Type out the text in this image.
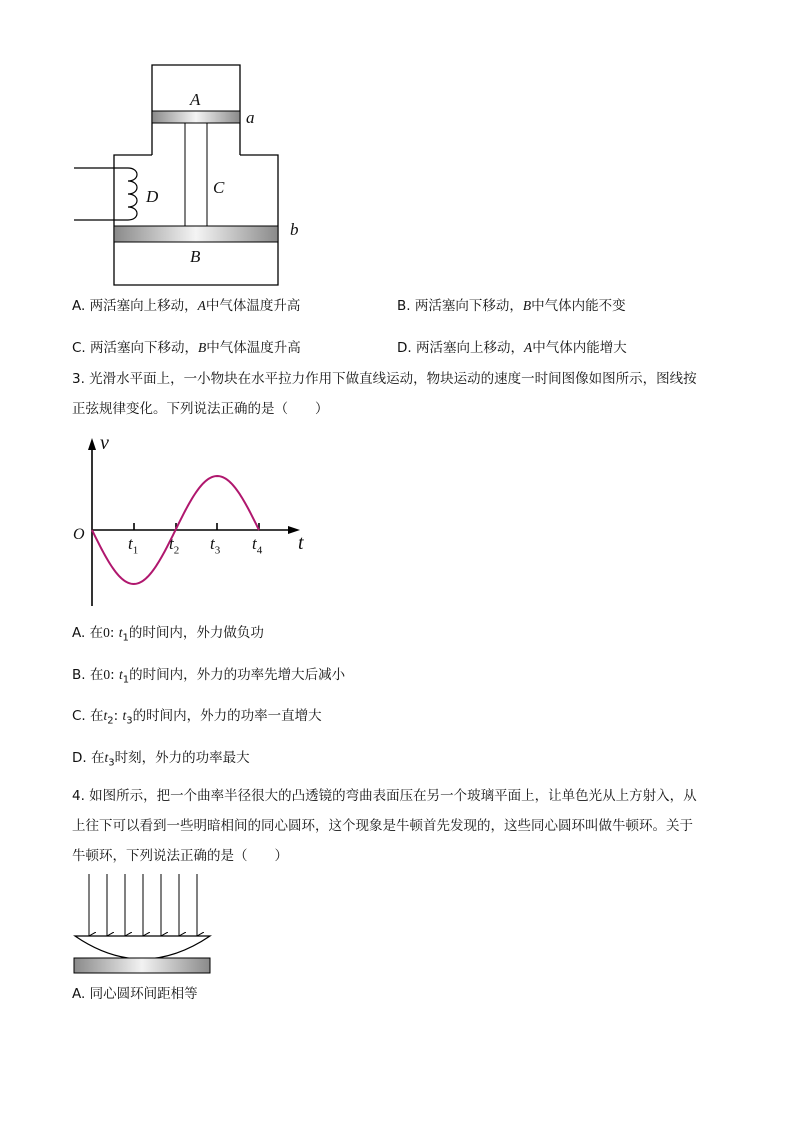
A
a
D	C
b
B
A. 两活塞向上移动，A中气体温度升高	B. 两活塞向下移动，B中气体内能不变
C. 两活塞向下移动，B中气体温度升高	D. 两活塞向上移动，A中气体内能增大
3. 光滑水平面上，一小物块在水平拉力作用下做直线运动，物块运动的速度一时间图像如图所示，图线按
正弦规律变化。下列说法正确的是（　　）
v
O	t
$t_1$ $t_2$ $t_3$ $t_4$
A. 在0: $t_1$的时间内，外力做负功
B. 在0: $t_1$的时间内，外力的功率先增大后减小
C. 在$t_2$: $t_3$的时间内，外力的功率一直增大
D. 在$t_3$时刻，外力的功率最大
4. 如图所示，把一个曲率半径很大的凸透镜的弯曲表面压在另一个玻璃平面上，让单色光从上方射入，从
上往下可以看到一些明暗相间的同心圆环，这个现象是牛顿首先发现的，这些同心圆环叫做牛顿环。关于
牛顿环，下列说法正确的是（　　）
A. 同心圆环间距相等
